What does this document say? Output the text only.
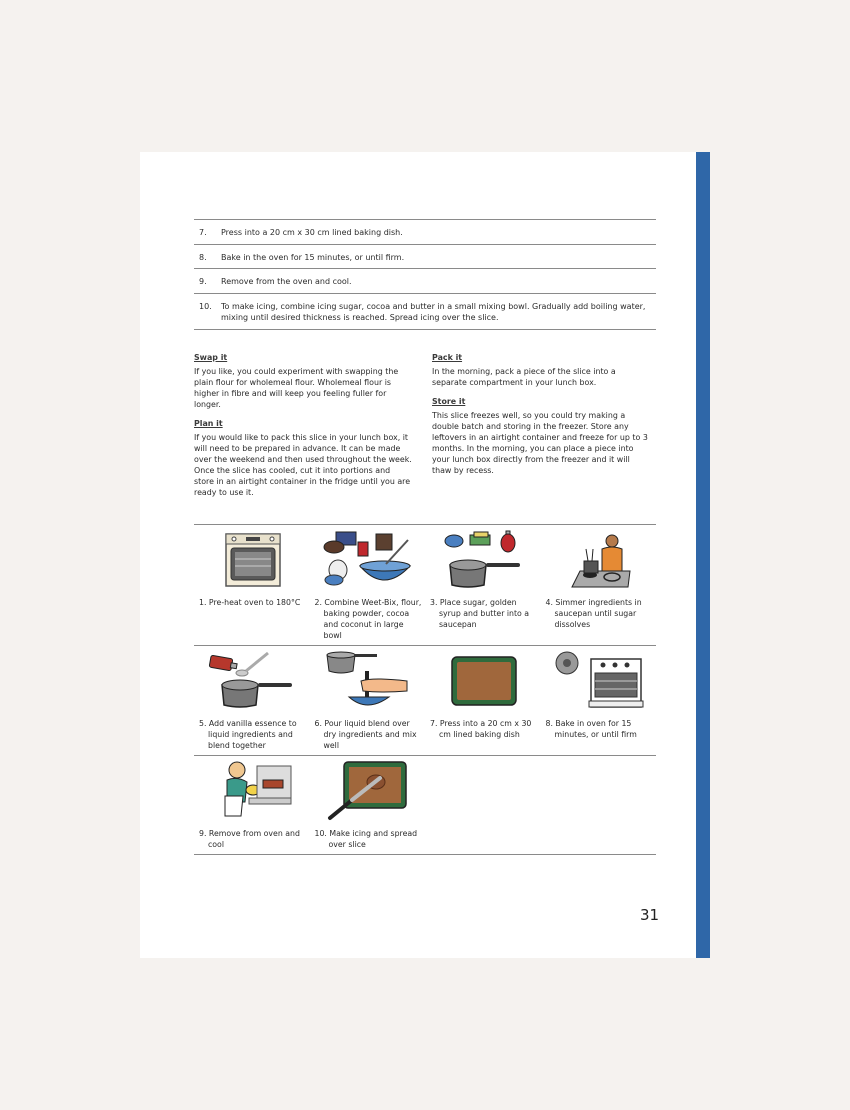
7.	Press into a 20 cm x 30 cm lined baking dish.
8.	Bake in the oven for 15 minutes, or until firm.
9.	Remove from the oven and cool.
10.	To make icing, combine icing sugar, cocoa and butter in a small mixing bowl. Gradually add boiling water, mixing until desired thickness is reached. Spread icing over the slice.
Swap it
If you like, you could experiment with swapping the plain flour for wholemeal flour. Wholemeal flour is higher in fibre and will keep you feeling fuller for longer.
Plan it
If you would like to pack this slice in your lunch box, it will need to be prepared in advance. It can be made over the weekend and then used throughout the week. Once the slice has cooled, cut it into portions and store in an airtight container in the fridge until you are ready to use it.
Pack it
In the morning, pack a piece of the slice into a separate compartment in your lunch box.
Store it
This slice freezes well, so you could try making a double batch and storing in the freezer. Store any leftovers in an airtight container and freeze for up to 3 months. In the morning, you can place a piece into your lunch box directly from the freezer and it will thaw by recess.
1. Pre-heat oven to 180°C	2. Combine Weet-Bix, flour, baking powder, cocoa and coconut in large bowl
3. Place sugar, golden syrup and butter into a saucepan
4. Simmer ingredients in saucepan until sugar dissolves
5. Add vanilla essence to liquid ingredients and blend together
6. Pour liquid blend over dry ingredients and mix well
7. Press into a 20 cm x 30 cm lined baking dish
8. Bake in oven for 15 minutes, or until firm
9. Remove from oven and cool
10. Make icing and spread over slice
31
